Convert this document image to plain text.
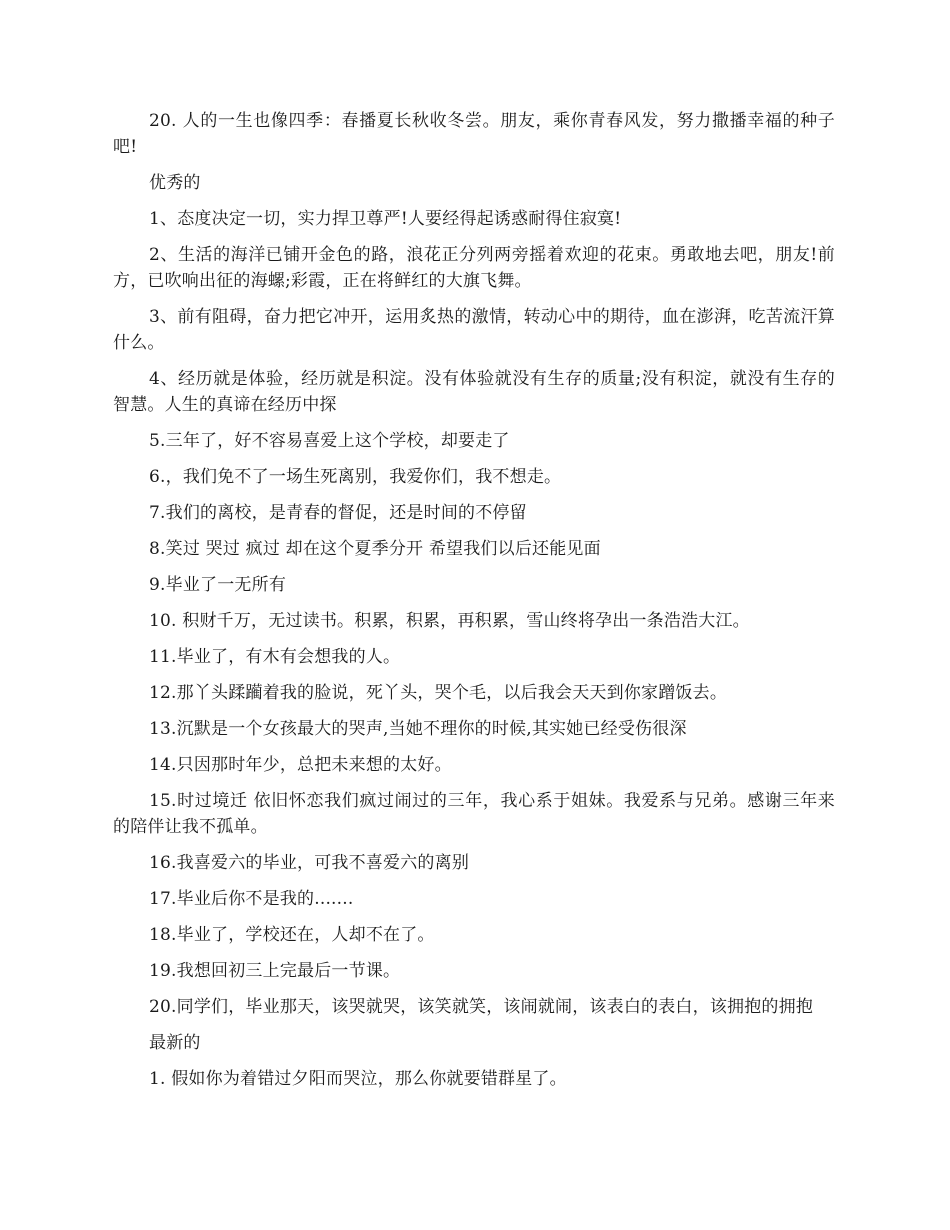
20. 人的一生也像四季：春播夏长秋收冬尝。朋友，乘你青春风发，努力撒播幸福的种子吧!

优秀的

1、态度决定一切，实力捍卫尊严!人要经得起诱惑耐得住寂寞!

2、生活的海洋已铺开金色的路，浪花正分列两旁摇着欢迎的花束。勇敢地去吧，朋友!前方，已吹响出征的海螺;彩霞，正在将鲜红的大旗飞舞。

3、前有阻碍，奋力把它冲开，运用炙热的激情，转动心中的期待，血在澎湃，吃苦流汗算什么。

4、经历就是体验，经历就是积淀。没有体验就没有生存的质量;没有积淀，就没有生存的智慧。人生的真谛在经历中探

5.三年了，好不容易喜爱上这个学校，却要走了

6.，我们免不了一场生死离别，我爱你们，我不想走。

7.我们的离校，是青春的督促，还是时间的不停留

8.笑过 哭过 疯过 却在这个夏季分开 希望我们以后还能见面

9.毕业了一无所有

10. 积财千万，无过读书。积累，积累，再积累，雪山终将孕出一条浩浩大江。

11.毕业了，有木有会想我的人。

12.那丫头蹂躏着我的脸说，死丫头，哭个毛，以后我会天天到你家蹭饭去。

13.沉默是一个女孩最大的哭声,当她不理你的时候,其实她已经受伤很深

14.只因那时年少，总把未来想的太好。

15.时过境迁 依旧怀恋我们疯过闹过的三年，我心系于姐妹。我爱系与兄弟。感谢三年来的陪伴让我不孤单。

16.我喜爱六的毕业，可我不喜爱六的离别

17.毕业后你不是我的.......

18.毕业了，学校还在，人却不在了。

19.我想回初三上完最后一节课。

20.同学们，毕业那天，该哭就哭，该笑就笑，该闹就闹，该表白的表白，该拥抱的拥抱

最新的

1. 假如你为着错过夕阳而哭泣，那么你就要错群星了。
